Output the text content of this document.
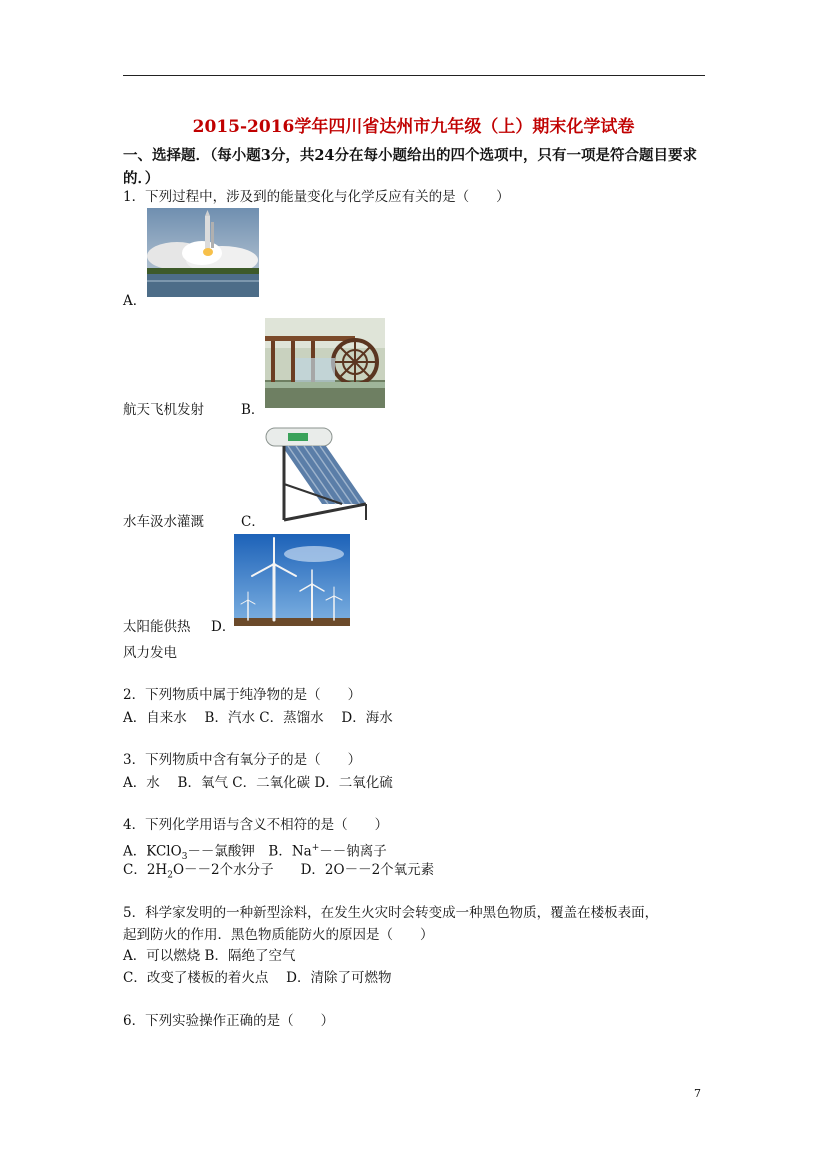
2015-2016学年四川省达州市九年级（上）期末化学试卷
一、选择题．（每小题3分，共24分在每小题给出的四个选项中，只有一项是符合题目要求的．）
1．下列过程中，涉及到的能量变化与化学反应有关的是（　　）
A．
航天飞机发射	B．
水车汲水灌溉	C．
太阳能供热 D．
风力发电
2．下列物质中属于纯净物的是（　　）
A．自来水　 B．汽水 C．蒸馏水　 D．海水
3．下列物质中含有氧分子的是（　　）
A．水　 B．氧气 C．二氧化碳 D．二氧化硫
4．下列化学用语与含义不相符的是（　　）
A．KClO$_3$－－氯酸钾　B．Na+－－钠离子
C．$2H_2O--2$个水分子　　D．2O－－2个氧元素
5．科学家发明的一种新型涂料，在发生火灾时会转变成一种黑色物质，覆盖在楼板表面，
起到防火的作用．黑色物质能防火的原因是（　　）
A．可以燃烧 B．隔绝了空气
C．改变了楼板的着火点　 D．清除了可燃物
6．下列实验操作正确的是（　　）
7
